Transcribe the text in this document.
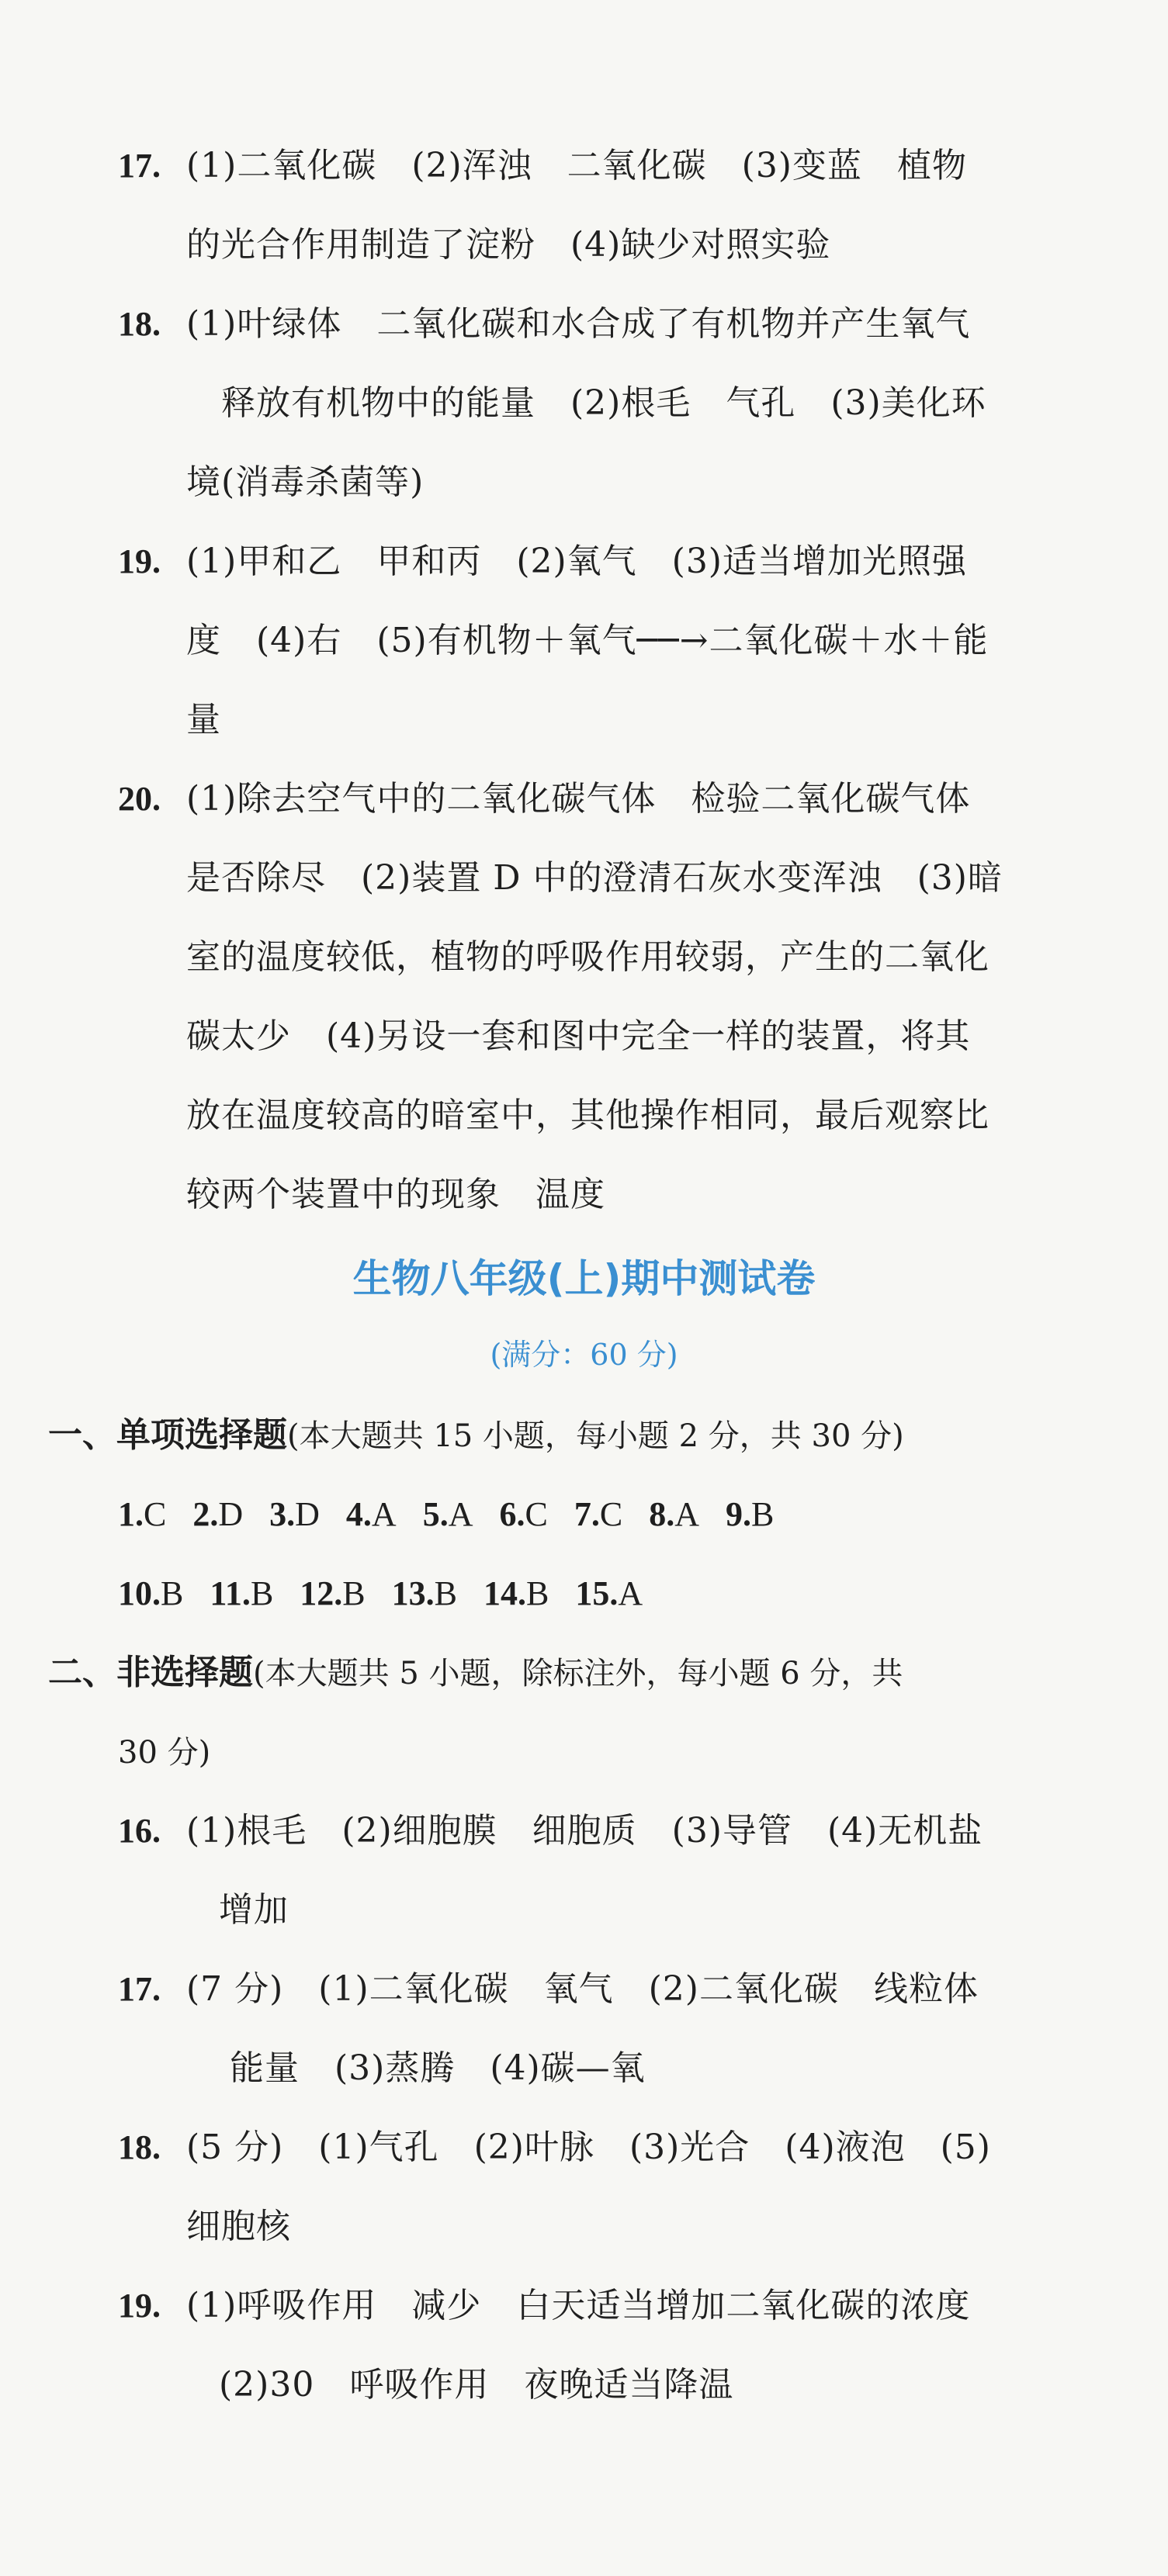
17. (1)二氧化碳　(2)浑浊　二氧化碳　(3)变蓝　植物
的光合作用制造了淀粉　(4)缺少对照实验
18. (1)叶绿体　二氧化碳和水合成了有机物并产生氧气
　释放有机物中的能量　(2)根毛　气孔　(3)美化环
境(消毒杀菌等)
19. (1)甲和乙　甲和丙　(2)氧气　(3)适当增加光照强
度　(4)右　(5)有机物＋氧气──→二氧化碳＋水＋能
量
20. (1)除去空气中的二氧化碳气体　检验二氧化碳气体
是否除尽　(2)装置 D 中的澄清石灰水变浑浊　(3)暗
室的温度较低，植物的呼吸作用较弱，产生的二氧化
碳太少　(4)另设一套和图中完全一样的装置，将其
放在温度较高的暗室中，其他操作相同，最后观察比
较两个装置中的现象　温度
生物八年级(上)期中测试卷
(满分：60 分)
一、单项选择题(本大题共 15 小题，每小题 2 分，共 30 分)
1.C 2.D 3.D 4.A 5.A 6.C 7.C 8.A 9.B
10.B 11.B 12.B 13.B 14.B 15.A
二、非选择题(本大题共 5 小题，除标注外，每小题 6 分，共
30 分)
16. (1)根毛　(2)细胞膜　细胞质　(3)导管　(4)无机盐
增加
17. (7 分)　(1)二氧化碳　氧气　(2)二氧化碳　线粒体
能量　(3)蒸腾　(4)碳—氧
18. (5 分)　(1)气孔　(2)叶脉　(3)光合　(4)液泡　(5)
细胞核
19. (1)呼吸作用　减少　白天适当增加二氧化碳的浓度
(2)30　呼吸作用　夜晚适当降温
